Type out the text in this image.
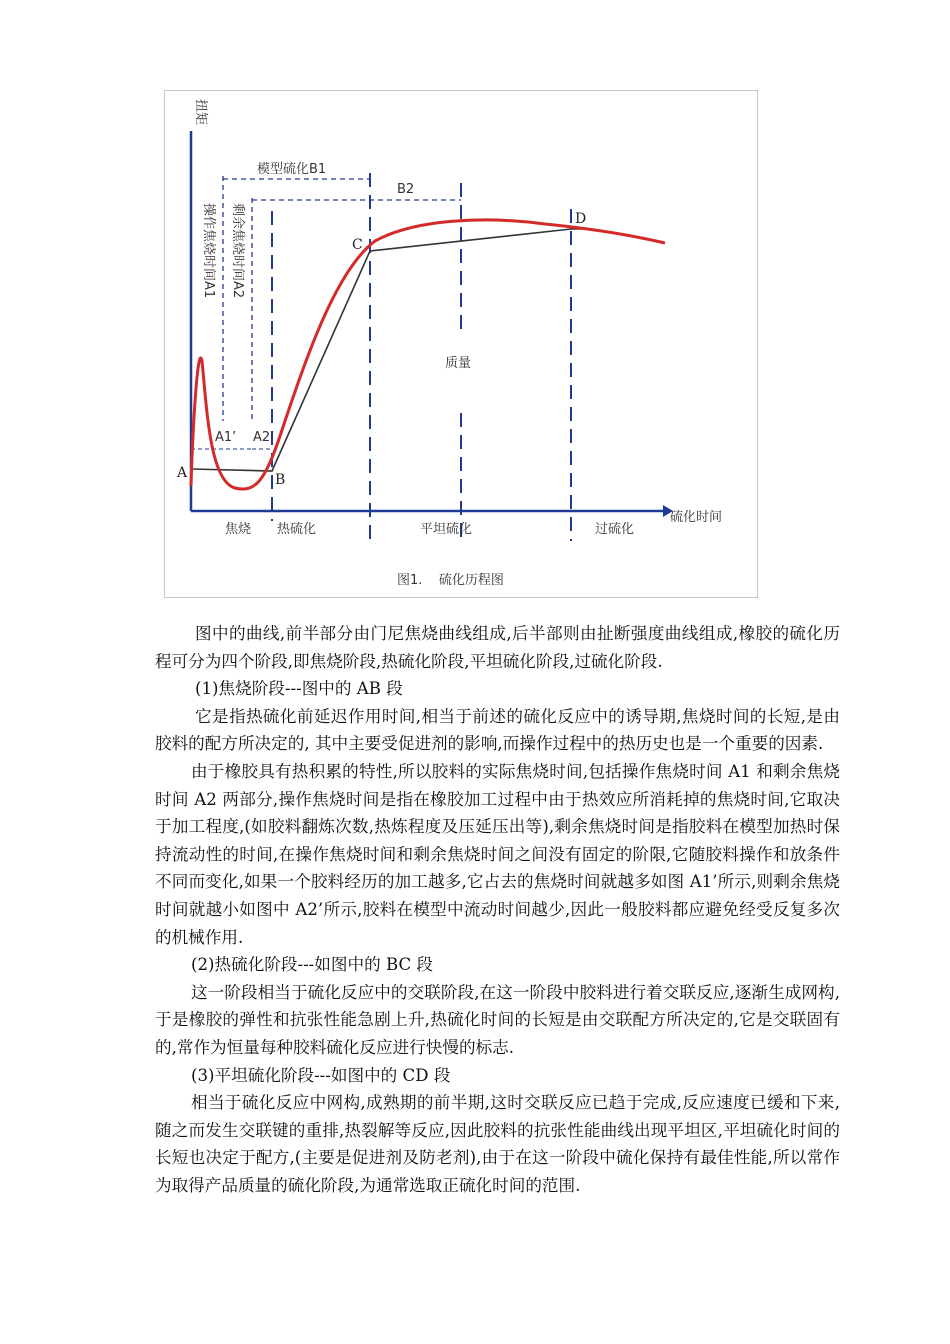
扭矩
模型硫化B1
B2
操作焦烧时间A1 剩余焦烧时间A2
A1’ A2’
质量
A	B
C
D
硫化时间
焦烧 热硫化	平坦硫化	过硫化
图1.    硫化历程图

图中的曲线,前半部分由门尼焦烧曲线组成,后半部则由扯断强度曲线组成,橡胶的硫化历程可分为四个阶段,即焦烧阶段,热硫化阶段,平坦硫化阶段,过硫化阶段.

(1)焦烧阶段---图中的 AB 段

它是指热硫化前延迟作用时间,相当于前述的硫化反应中的诱导期,焦烧时间的长短,是由胶料的配方所决定的, 其中主要受促进剂的影响,而操作过程中的热历史也是一个重要的因素.

由于橡胶具有热积累的特性,所以胶料的实际焦烧时间,包括操作焦烧时间 A1 和剩余焦烧时间 A2 两部分,操作焦烧时间是指在橡胶加工过程中由于热效应所消耗掉的焦烧时间,它取决于加工程度,(如胶料翻炼次数,热炼程度及压延压出等),剩余焦烧时间是指胶料在模型加热时保持流动性的时间,在操作焦烧时间和剩余焦烧时间之间没有固定的阶限,它随胶料操作和放条件不同而变化,如果一个胶料经历的加工越多,它占去的焦烧时间就越多如图 A1’所示,则剩余焦烧时间就越小如图中 A2’所示,胶料在模型中流动时间越少,因此一般胶料都应避免经受反复多次的机械作用.

(2)热硫化阶段---如图中的 BC 段

这一阶段相当于硫化反应中的交联阶段,在这一阶段中胶料进行着交联反应,逐渐生成网构,于是橡胶的弹性和抗张性能急剧上升,热硫化时间的长短是由交联配方所决定的,它是交联固有的,常作为恒量每种胶料硫化反应进行快慢的标志.

(3)平坦硫化阶段---如图中的 CD 段

相当于硫化反应中网构,成熟期的前半期,这时交联反应已趋于完成,反应速度已缓和下来,随之而发生交联键的重排,热裂解等反应,因此胶料的抗张性能曲线出现平坦区,平坦硫化时间的长短也决定于配方,(主要是促进剂及防老剂),由于在这一阶段中硫化保持有最佳性能,所以常作为取得产品质量的硫化阶段,为通常选取正硫化时间的范围.
